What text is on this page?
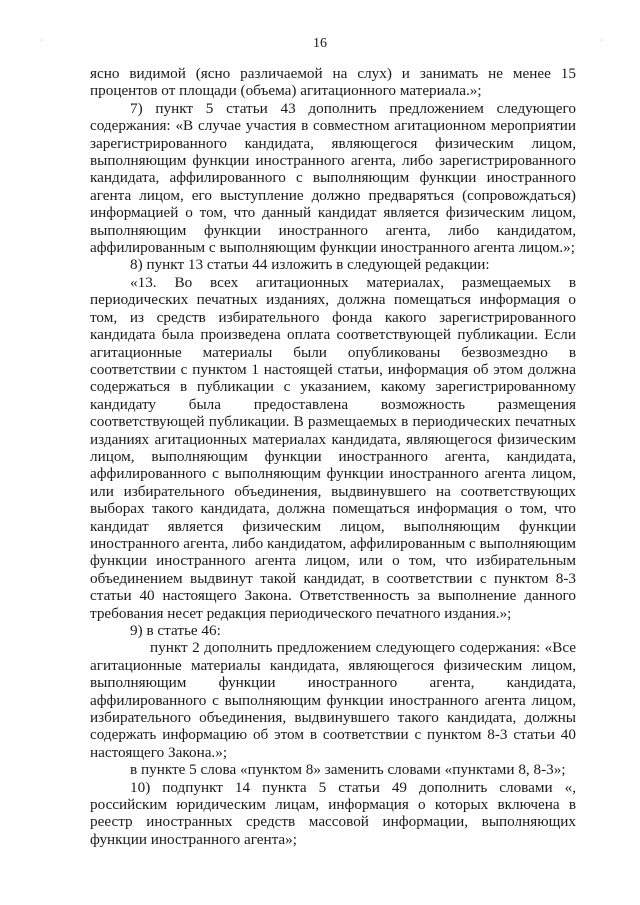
16
´	´

ясно видимой (ясно различаемой на слух) и занимать не менее 15 процентов от площади (объема) агитационного материала.»;

7) пункт 5 статьи 43 дополнить предложением следующего содержания: «В случае участия в совместном агитационном мероприятии зарегистрированного кандидата, являющегося физическим лицом, выполняющим функции иностранного агента, либо зарегистрированного кандидата, аффилированного с выполняющим функции иностранного агента лицом, его выступление должно предваряться (сопровождаться) информацией о том, что данный кандидат является физическим лицом, выполняющим функции иностранного агента, либо кандидатом, аффилированным с выполняющим функции иностранного агента лицом.»;

8) пункт 13 статьи 44 изложить в следующей редакции:

«13. Во всех агитационных материалах, размещаемых в периодических печатных изданиях, должна помещаться информация о том, из средств избирательного фонда какого зарегистрированного кандидата была произведена оплата соответствующей публикации. Если агитационные материалы были опубликованы безвозмездно в соответствии с пунктом 1 настоящей статьи, информация об этом должна содержаться в публикации с указанием, какому зарегистрированному кандидату была предоставлена возможность размещения соответствующей публикации. В размещаемых в периодических печатных изданиях агитационных материалах кандидата, являющегося физическим лицом, выполняющим функции иностранного агента, кандидата, аффилированного с выполняющим функции иностранного агента лицом, или избирательного объединения, выдвинувшего на соответствующих выборах такого кандидата, должна помещаться информация о том, что кандидат является физическим лицом, выполняющим функции иностранного агента, либо кандидатом, аффилированным с выполняющим функции иностранного агента лицом, или о том, что избирательным объединением выдвинут такой кандидат, в соответствии с пунктом 8-3 статьи 40 настоящего Закона. Ответственность за выполнение данного требования несет редакция периодического печатного издания.»;

9) в статье 46:

пункт 2 дополнить предложением следующего содержания: «Все агитационные материалы кандидата, являющегося физическим лицом, выполняющим функции иностранного агента, кандидата, аффилированного с выполняющим функции иностранного агента лицом, избирательного объединения, выдвинувшего такого кандидата, должны содержать информацию об этом в соответствии с пунктом 8-3 статьи 40 настоящего Закона.»;

в пункте 5 слова «пунктом 8» заменить словами «пунктами 8, 8-3»;

10) подпункт 14 пункта 5 статьи 49 дополнить словами «, российским юридическим лицам, информация о которых включена в реестр иностранных средств массовой информации, выполняющих функции иностранного агента»;
